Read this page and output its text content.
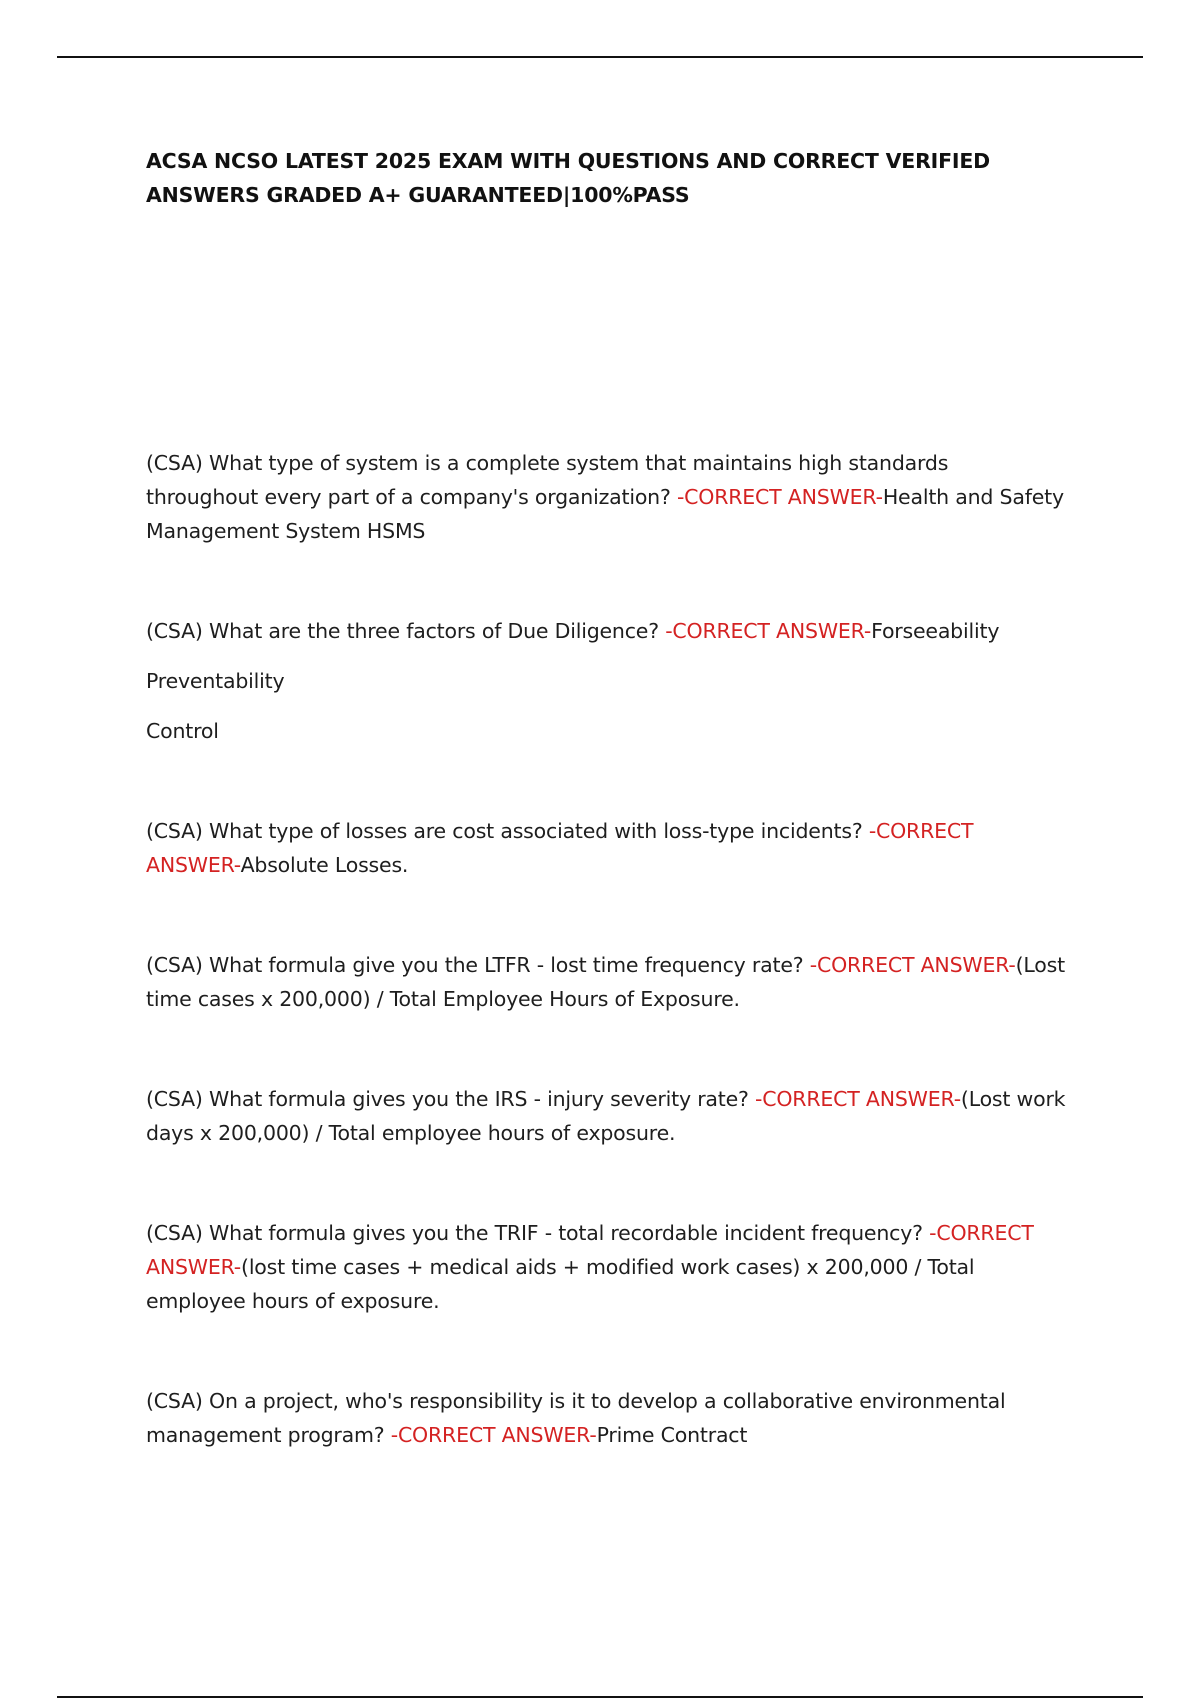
ACSA NCSO LATEST 2025 EXAM WITH QUESTIONS AND CORRECT VERIFIED ANSWERS GRADED A+ GUARANTEED|100%PASS

(CSA) What type of system is a complete system that maintains high standards throughout every part of a company's organization? -CORRECT ANSWER-Health and Safety Management System HSMS

(CSA) What are the three factors of Due Diligence? -CORRECT ANSWER-Forseeability
Preventability
Control

(CSA) What type of losses are cost associated with loss-type incidents? -CORRECT ANSWER-Absolute Losses.

(CSA) What formula give you the LTFR - lost time frequency rate? -CORRECT ANSWER-(Lost time cases x 200,000) / Total Employee Hours of Exposure.

(CSA) What formula gives you the IRS - injury severity rate? -CORRECT ANSWER-(Lost work days x 200,000) / Total employee hours of exposure.

(CSA) What formula gives you the TRIF - total recordable incident frequency? -CORRECT ANSWER-(lost time cases + medical aids + modified work cases) x 200,000 / Total employee hours of exposure.

(CSA) On a project, who's responsibility is it to develop a collaborative environmental management program? -CORRECT ANSWER-Prime Contract
